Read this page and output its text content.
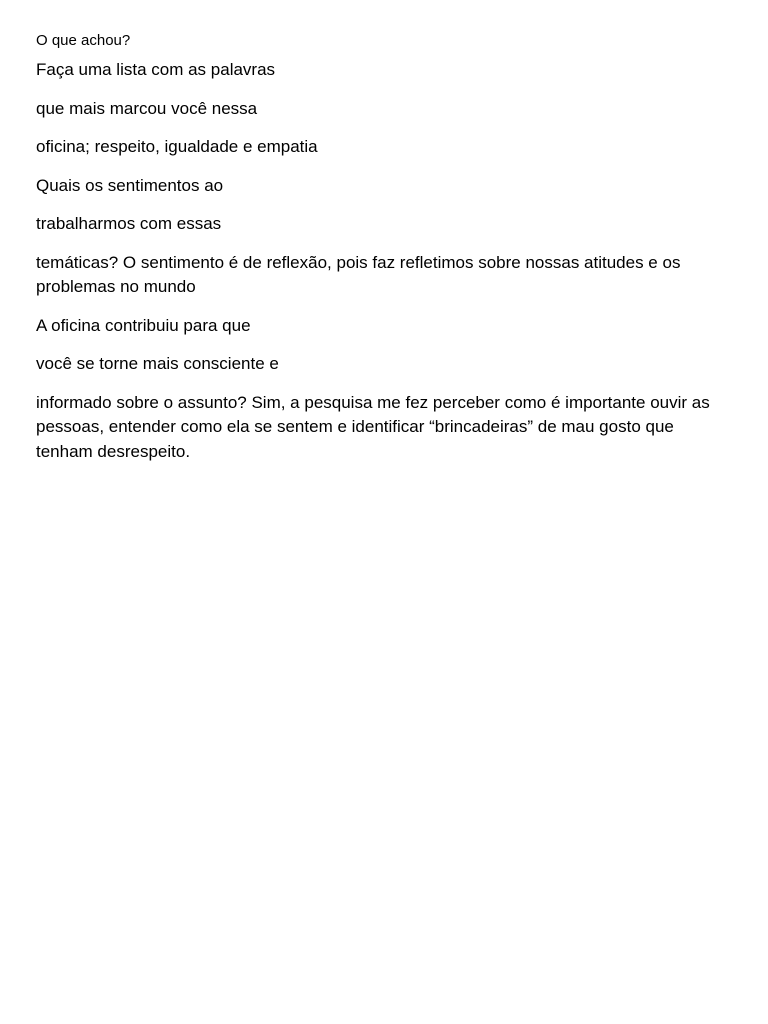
O que achou?

Faça uma lista com as palavras

que mais marcou você nessa

oficina; respeito, igualdade e empatia

Quais os sentimentos ao

trabalharmos com essas

temáticas? O sentimento é de reflexão, pois faz refletimos sobre nossas atitudes e os problemas no mundo

A oficina contribuiu para que

você se torne mais consciente e

informado sobre o assunto? Sim, a pesquisa me fez perceber como é importante ouvir as pessoas, entender como ela se sentem e identificar “brincadeiras” de mau gosto que tenham desrespeito.
